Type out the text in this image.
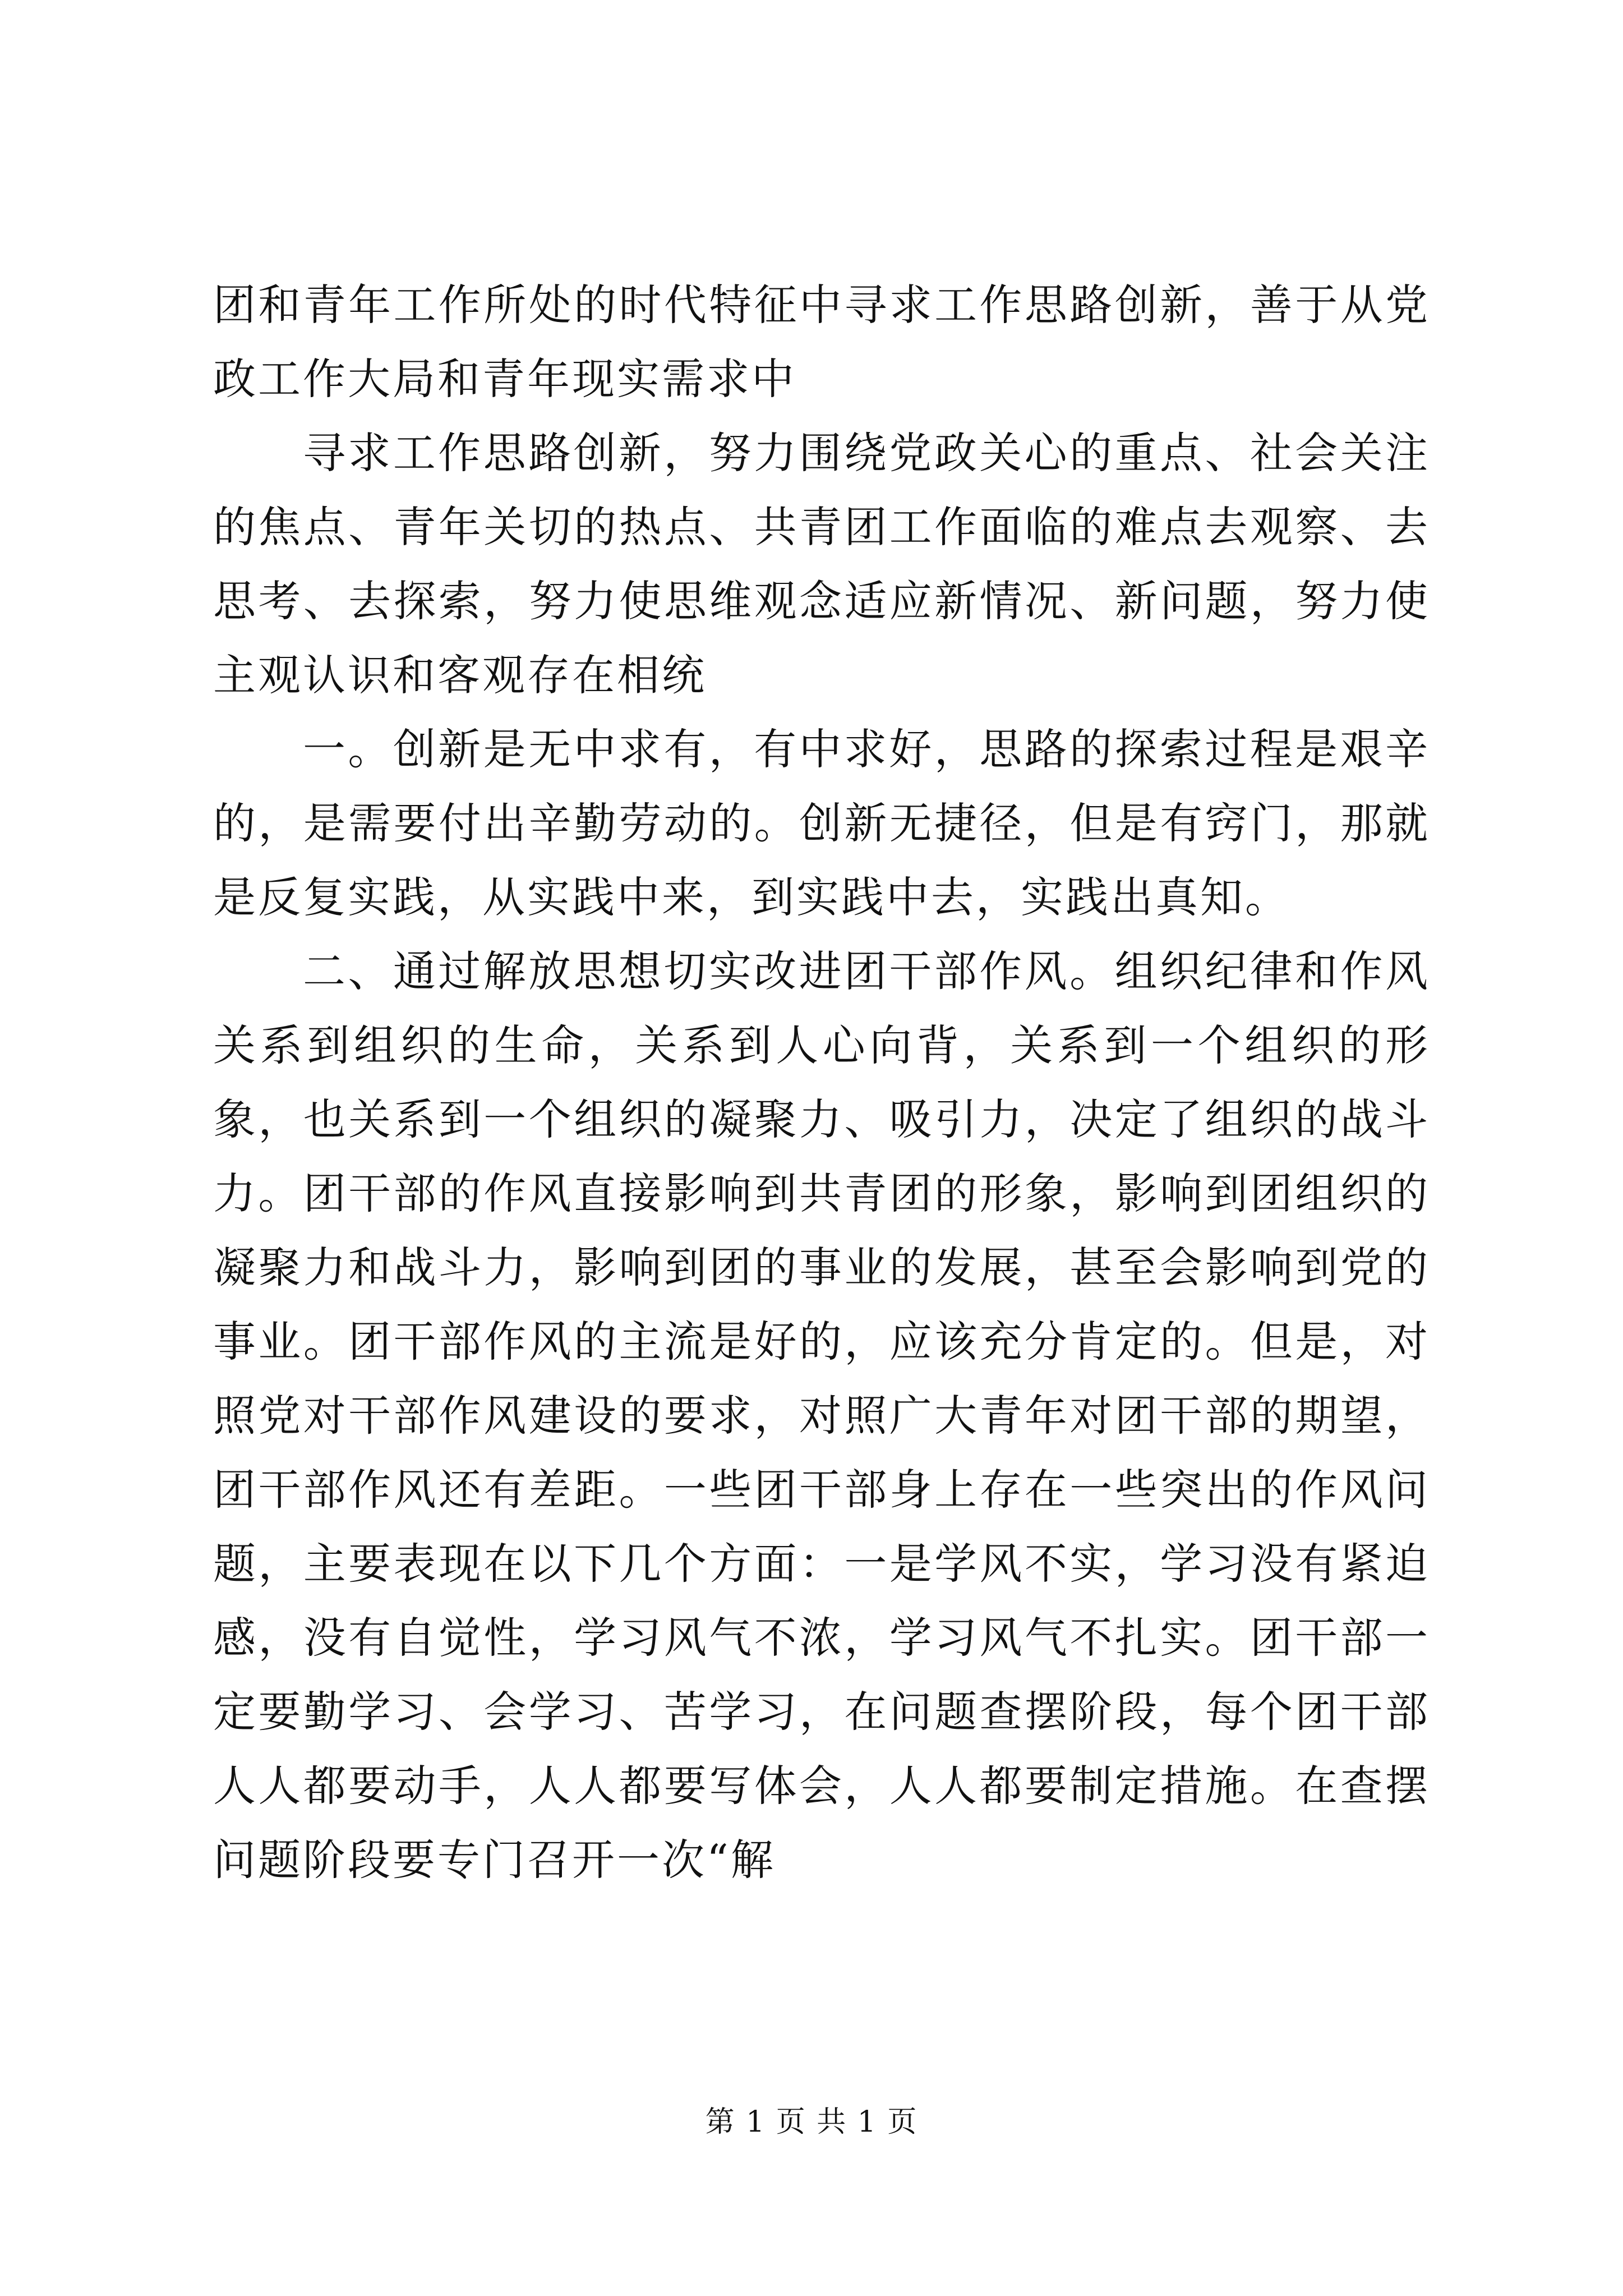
团和青年工作所处的时代特征中寻求工作思路创新，善于从党政工作大局和青年现实需求中

寻求工作思路创新，努力围绕党政关心的重点、社会关注的焦点、青年关切的热点、共青团工作面临的难点去观察、去思考、去探索，努力使思维观念适应新情况、新问题，努力使主观认识和客观存在相统

一。创新是无中求有，有中求好，思路的探索过程是艰辛的，是需要付出辛勤劳动的。创新无捷径，但是有窍门，那就是反复实践，从实践中来，到实践中去，实践出真知。

二、通过解放思想切实改进团干部作风。组织纪律和作风关系到组织的生命，关系到人心向背，关系到一个组织的形象，也关系到一个组织的凝聚力、吸引力，决定了组织的战斗力。团干部的作风直接影响到共青团的形象，影响到团组织的凝聚力和战斗力，影响到团的事业的发展，甚至会影响到党的事业。团干部作风的主流是好的，应该充分肯定的。但是，对照党对干部作风建设的要求，对照广大青年对团干部的期望，团干部作风还有差距。一些团干部身上存在一些突出的作风问题，主要表现在以下几个方面：一是学风不实，学习没有紧迫感，没有自觉性，学习风气不浓，学习风气不扎实。团干部一定要勤学习、会学习、苦学习，在问题查摆阶段，每个团干部人人都要动手，人人都要写体会，人人都要制定措施。在查摆问题阶段要专门召开一次“解

第 1 页 共 1 页
